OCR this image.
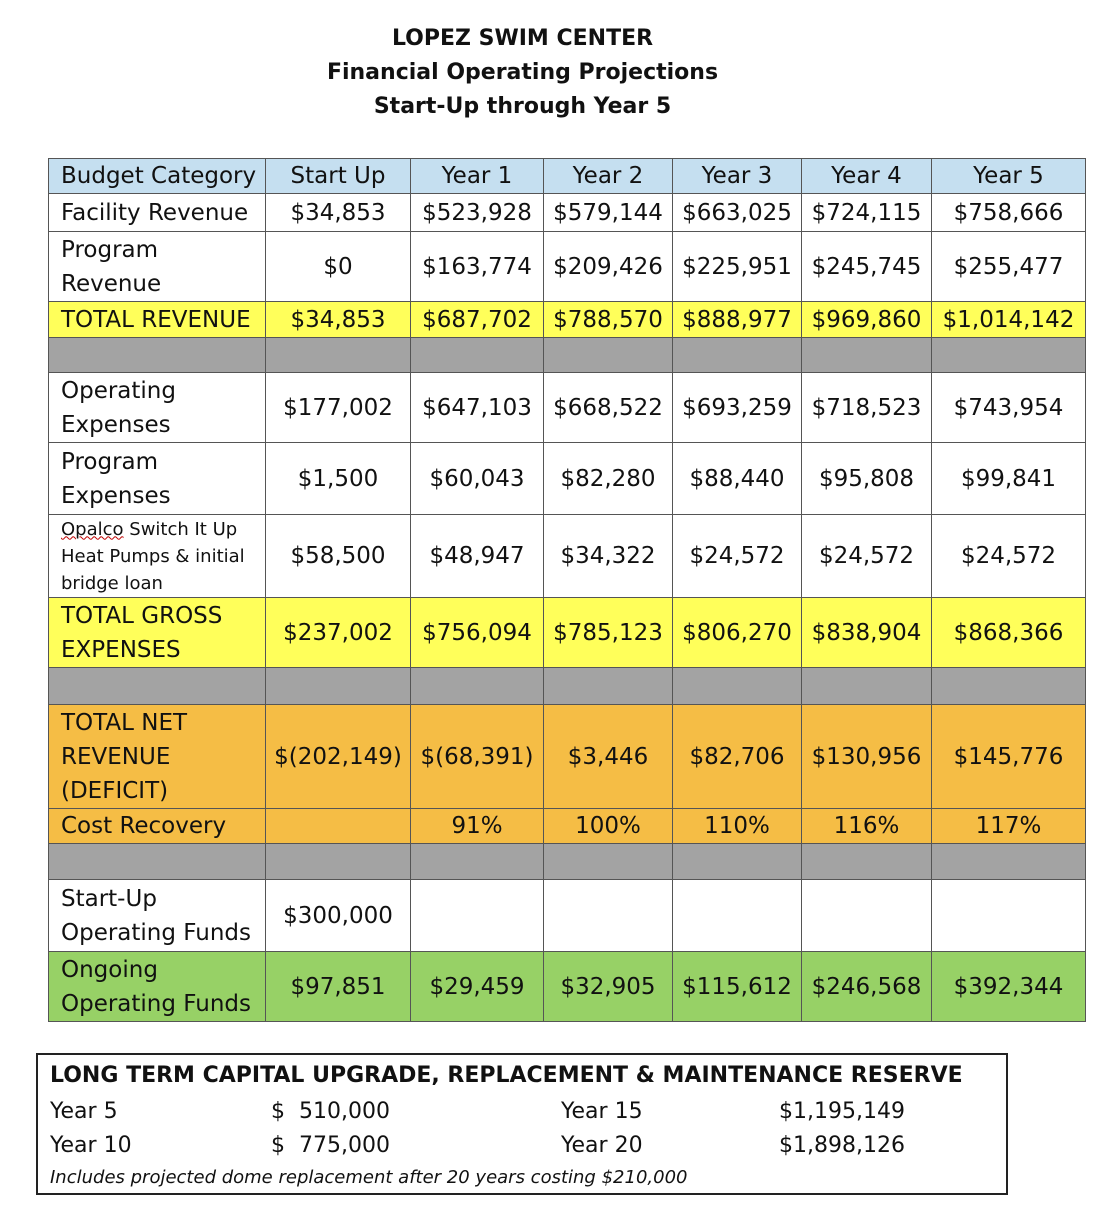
LOPEZ SWIM CENTER
Financial Operating Projections
Start-Up through Year 5
Budget Category	Start Up	Year 1	Year 2	Year 3	Year 4	Year 5
Facility Revenue	$34,853	$523,928	$579,144	$663,025	$724,115	$758,666
Program Revenue	$0	$163,774	$209,426	$225,951	$245,745	$255,477
TOTAL REVENUE	$34,853	$687,702	$788,570	$888,977	$969,860	$1,014,142

Operating Expenses	$177,002	$647,103	$668,522	$693,259	$718,523	$743,954
Program Expenses	$1,500	$60,043	$82,280	$88,440	$95,808	$99,841
Opalco Switch It Up Heat Pumps & initial bridge loan	$58,500	$48,947	$34,322	$24,572	$24,572	$24,572
TOTAL GROSS EXPENSES	$237,002	$756,094	$785,123	$806,270	$838,904	$868,366

TOTAL NET REVENUE (DEFICIT)	$(202,149)	$(68,391)	$3,446	$82,706	$130,956	$145,776
Cost Recovery		91%	100%	110%	116%	117%

Start-Up Operating Funds	$300,000					
Ongoing Operating Funds	$97,851	$29,459	$32,905	$115,612	$246,568	$392,344
LONG TERM CAPITAL UPGRADE, REPLACEMENT & MAINTENANCE RESERVE
Year 5	$  510,000
Year 10	$  775,000
Year 15	$1,195,149
Year 20	$1,898,126
Includes projected dome replacement after 20 years costing $210,000
